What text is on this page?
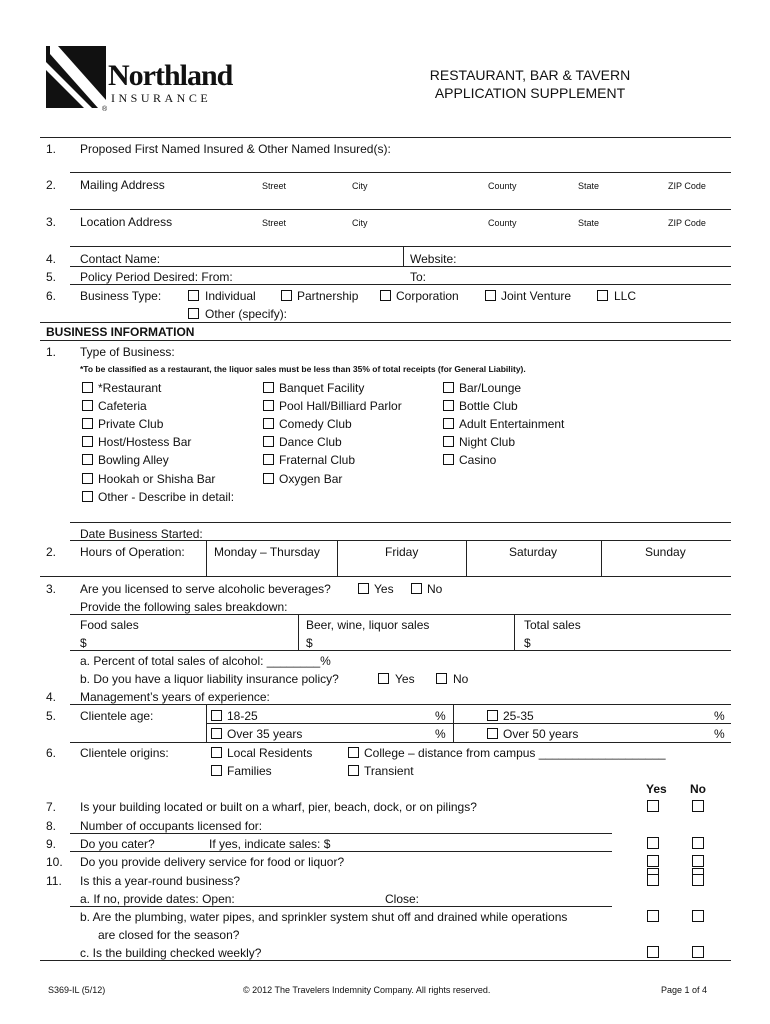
Northland
INSURANCE
®
RESTAURANT, BAR & TAVERN
APPLICATION SUPPLEMENT
1. Proposed First Named Insured & Other Named Insured(s):
2. Mailing Address	Street	City	County	State	ZIP Code
3. Location Address	Street	City	County	State	ZIP Code
4. Contact Name:	Website:
5. Policy Period Desired: From:	To:
6. Business Type:	Individual	Partnership	Corporation	Joint Venture	LLC
Other (specify):
BUSINESS INFORMATION
1. Type of Business:
*To be classified as a restaurant, the liquor sales must be less than 35% of total receipts (for General Liability).
*Restaurant
Cafeteria
Private Club
Host/Hostess Bar
Bowling Alley
Hookah or Shisha Bar
Other - Describe in detail:
Banquet Facility
Pool Hall/Billiard Parlor
Comedy Club
Dance Club
Fraternal Club
Oxygen Bar
Bar/Lounge
Bottle Club
Adult Entertainment
Night Club
Casino
Date Business Started:
2. Hours of Operation: Monday – Thursday	Friday	Saturday	Sunday
3. Are you licensed to serve alcoholic beverages?	Yes	No
Provide the following sales breakdown:
Food sales	Beer, wine, liquor sales	Total sales
$	$	$
a. Percent of total sales of alcohol: ________%
b. Do you have a liquor liability insurance policy?	Yes	No
4. Management’s years of experience:
5. Clientele age:	18-25	%	25-35	%
Over 35 years	%	Over 50 years	%
6. Clientele origins:	Local Residents	College – distance from campus ___________________
Families	Transient
Yes No
7. Is your building located or built on a wharf, pier, beach, dock, or on pilings?
8. Number of occupants licensed for:
9. Do you cater?	If yes, indicate sales: $
10. Do you provide delivery service for food or liquor?
11. Is this a year-round business?
a. If no, provide dates: Open:	Close:
b. Are the plumbing, water pipes, and sprinkler system shut off and drained while operations
are closed for the season?
c. Is the building checked weekly?
S369-IL (5/12)	© 2012 The Travelers Indemnity Company. All rights reserved.	Page 1 of 4
